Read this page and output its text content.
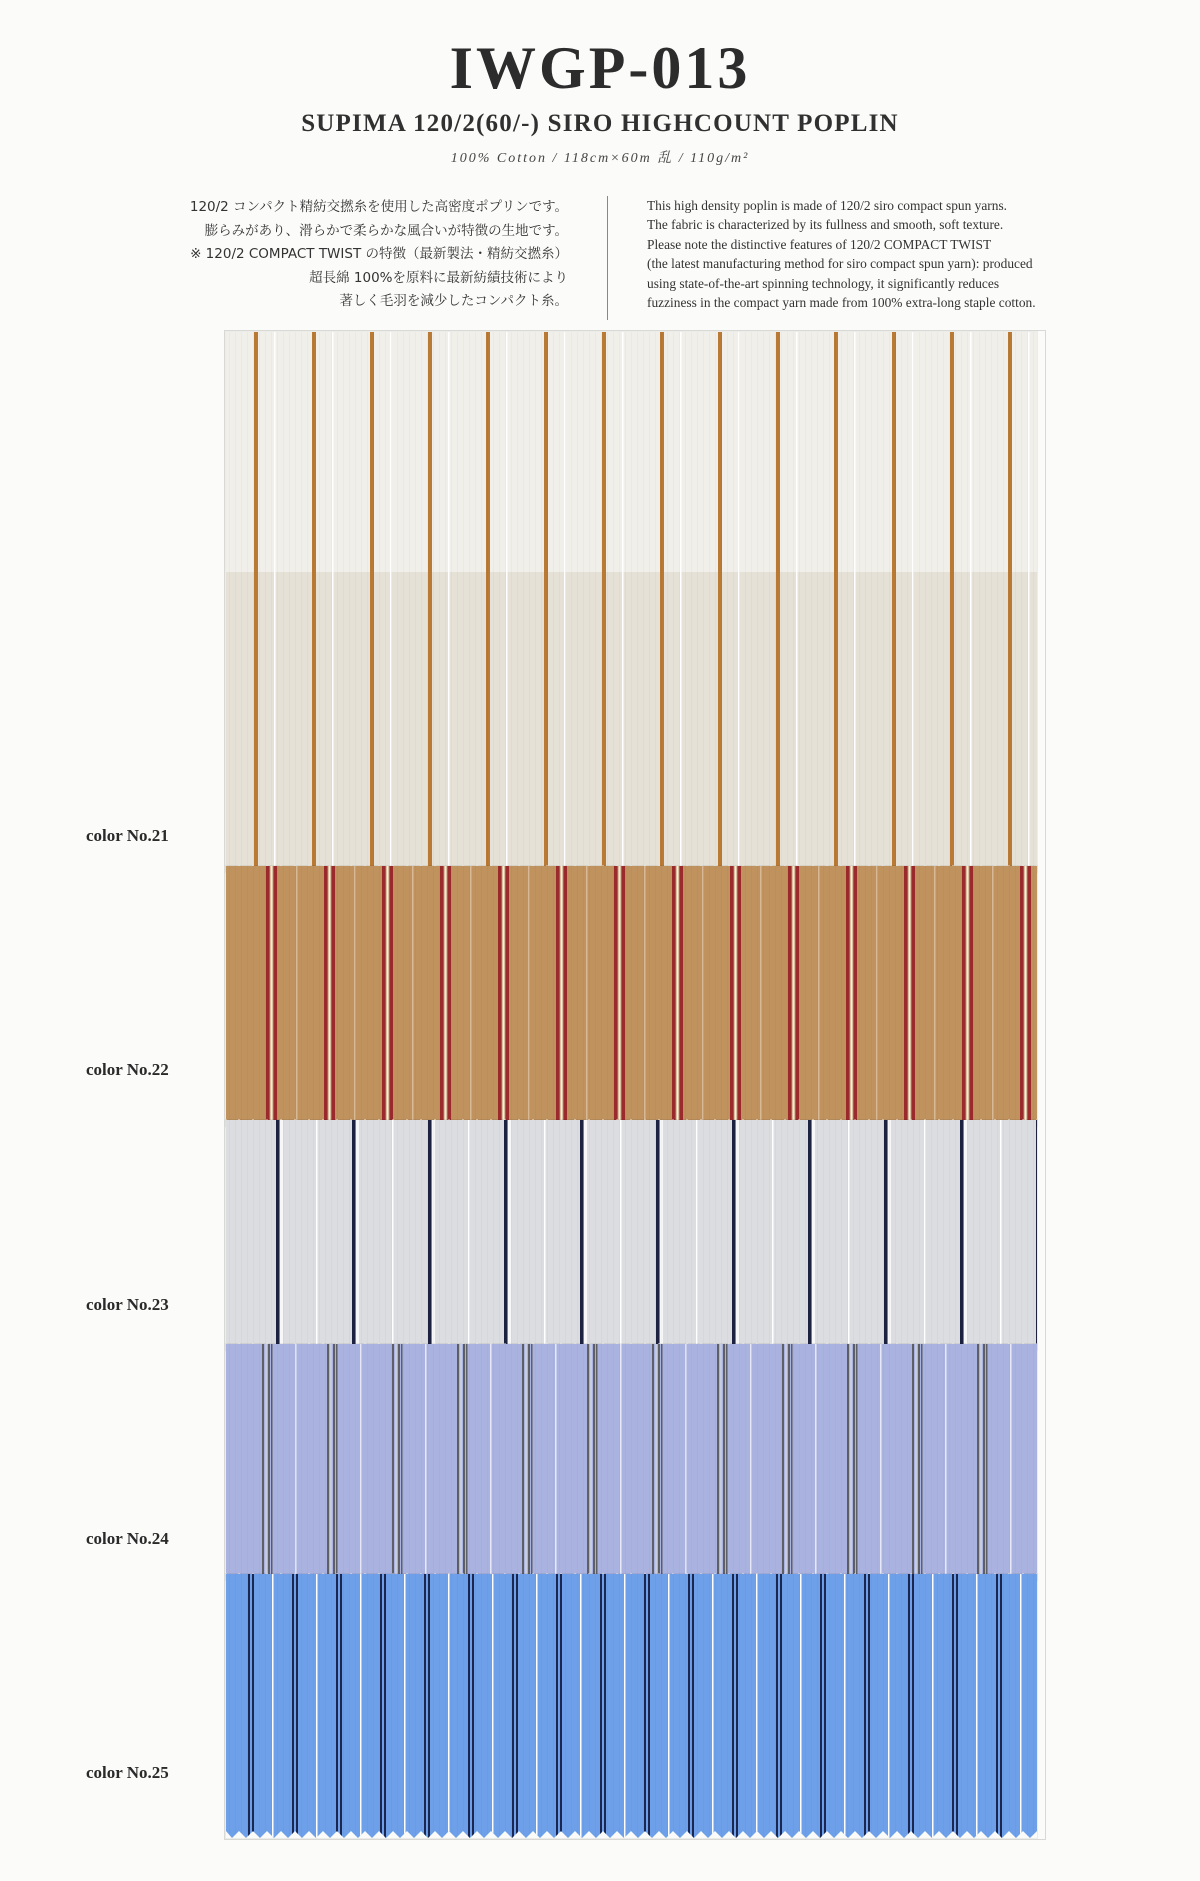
IWGP-013
SUPIMA 120/2(60/-) SIRO HIGHCOUNT POPLIN
100% Cotton / 118cm×60m 乱 / 110g/m²
120/2 コンパクト精紡交撚糸を使用した高密度ポプリンです。
膨らみがあり、滑らかで柔らかな風合いが特徴の生地です。
※ 120/2 COMPACT TWIST の特徴（最新製法・精紡交撚糸）
超長綿 100%を原料に最新紡績技術により
著しく毛羽を減少したコンパクト糸。
This high density poplin is made of 120/2 siro compact spun yarns.
The fabric is characterized by its fullness and smooth, soft texture.
Please note the distinctive features of 120/2 COMPACT TWIST
(the latest manufacturing method for siro compact spun yarn): produced
using state-of-the-art spinning technology, it significantly reduces
fuzziness in the compact yarn made from 100% extra-long staple cotton.
color No.21
color No.22
color No.23
color No.24
color No.25
